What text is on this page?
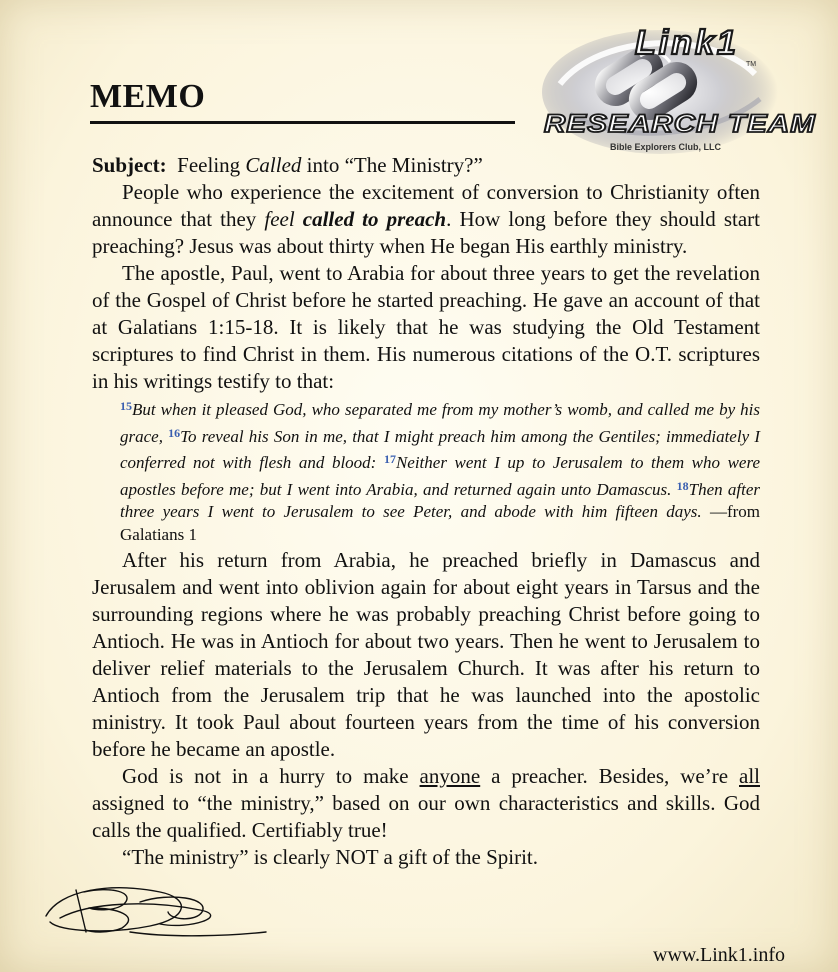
MEMO
Link1
TM
RESEARCH TEAM
Bible Explorers Club, LLC

Subject: Feeling Called into “The Ministry?”

People who experience the excitement of conversion to Christianity often announce that they feel called to preach. How long before they should start preaching? Jesus was about thirty when He began His earthly ministry.

The apostle, Paul, went to Arabia for about three years to get the revelation of the Gospel of Christ before he started preaching. He gave an account of that at Galatians 1:15-18. It is likely that he was studying the Old Testament scriptures to find Christ in them. His numerous citations of the O.T. scriptures in his writings testify to that:

$^{15}$But when it pleased God, who separated me from my mother’s womb, and called me by his grace, $^{16}$To reveal his Son in me, that I might preach him among the Gentiles; immediately I conferred not with flesh and blood: $^{17}$Neither went I up to Jerusalem to them who were apostles before me; but I went into Arabia, and returned again unto Damascus. $^{18}$Then after three years I went to Jerusalem to see Peter, and abode with him fifteen days. —from Galatians 1

After his return from Arabia, he preached briefly in Damascus and Jerusalem and went into oblivion again for about eight years in Tarsus and the surrounding regions where he was probably preaching Christ before going to Antioch. He was in Antioch for about two years. Then he went to Jerusalem to deliver relief materials to the Jerusalem Church. It was after his return to Antioch from the Jerusalem trip that he was launched into the apostolic ministry. It took Paul about fourteen years from the time of his conversion before he became an apostle.

God is not in a hurry to make anyone a preacher. Besides, we’re all assigned to “the ministry,” based on our own characteristics and skills. God calls the qualified. Certifiably true!

“The ministry” is clearly NOT a gift of the Spirit.

www.Link1.info
